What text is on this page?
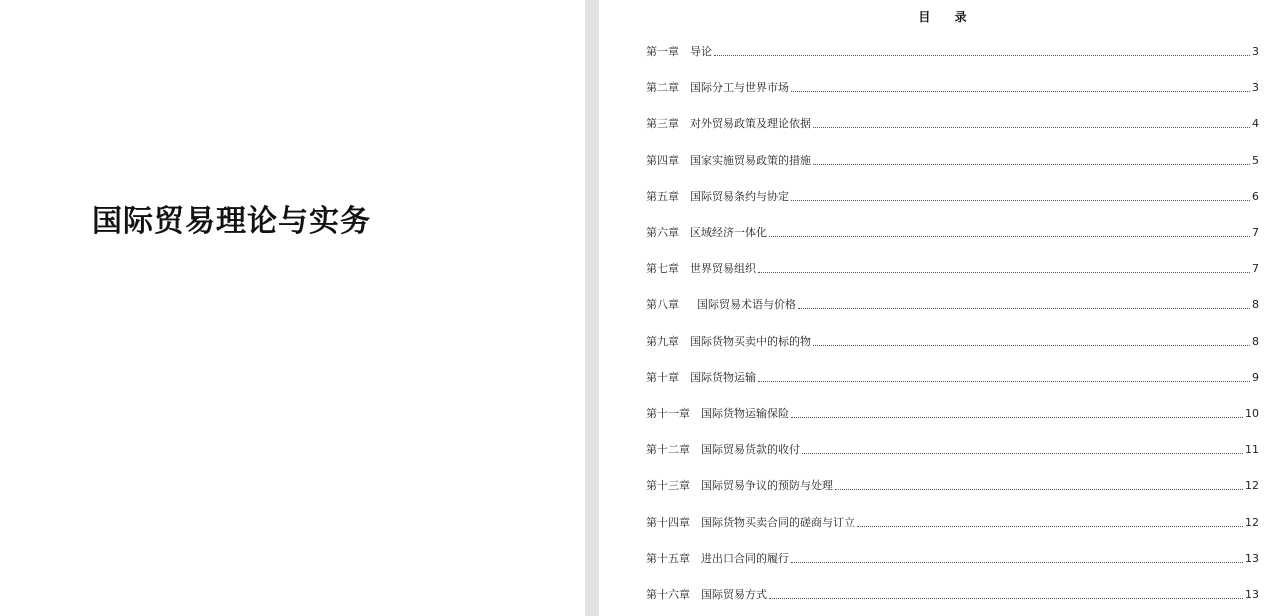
国际贸易理论与实务
目 录
第一章 导论	3
第二章 国际分工与世界市场	3
第三章 对外贸易政策及理论依据	4
第四章 国家实施贸易政策的措施	5
第五章 国际贸易条约与协定	6
第六章 区域经济一体化	7
第七章 世界贸易组织	7
第八章 国际贸易术语与价格	8
第九章 国际货物买卖中的标的物	8
第十章 国际货物运输	9
第十一章 国际货物运输保险	10
第十二章 国际贸易货款的收付	11
第十三章 国际贸易争议的预防与处理	12
第十四章 国际货物买卖合同的磋商与订立	12
第十五章 进出口合同的履行	13
第十六章 国际贸易方式	13
